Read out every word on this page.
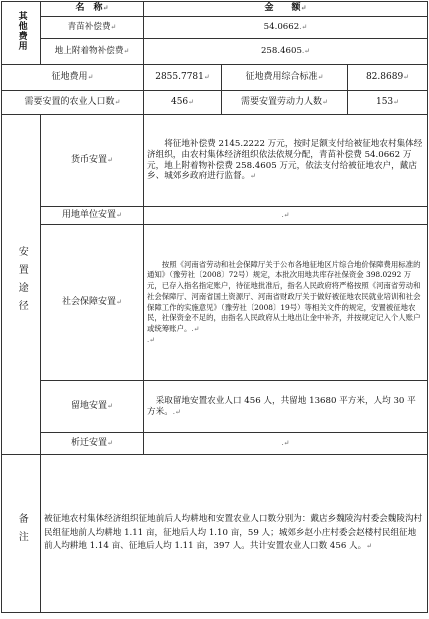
其他费用	名　称↵	金　　额↵		
	青苗补偿费↵	54.0662.↵		
	地上附着物补偿费↵	258.4605.↵		
征地费用↵		2855.7781↵	征地费用综合标准↵	82.8689↵
需要安置的农业人口数↵		456↵	需要安置劳动力人数↵	153↵
安置途径	货币安置↵	将征地补偿费 2145.2222 万元，按时足额支付给被征地农村集体经济组织，由农村集体经济组织依法依规分配，青苗补偿费 54.0662 万元，地上附着物补偿费 258.4605 万元，依法支付给被征地农户，戴店乡、城郊乡政府进行监督。↵		
	用地单位安置↵	.↵		
	社会保障安置↵	按照《河南省劳动和社会保障厅关于公布各地征地区片综合地价保障费用标准的通知》（豫劳社〔2008〕72号）规定，本批次用地共库存社保资金 398.0292 万元，已存入指名指定账户，待征地批准后，指名人民政府将严格按照《河南省劳动和社会保障厅、河南省国土资源厅、河南省财政厅关于做好被征地农民就业培训和社会保障工作的实施意见》（豫劳社〔2008〕19号）等相关文件的规定，安置被征地农民，社保资金不足的，由指名人民政府从土地出让金中补齐，并按规定记入个人账户或统筹账户。.↵
.↵		
	留地安置↵	采取留地安置农业人口 456 人，共留地 13680 平方米，人均 30 平方米。.↵		
	析迁安置↵	.↵		
备注	被征地农村集体经济组织征地前后人均耕地和安置农业人口数分别为：戴店乡魏陵沟村委会魏陵沟村民组征地前人均耕地 1.11 亩，征地后人均 1.10 亩，59 人；城郊乡赵小庄村委会赵楼村民组征地前人均耕地 1.14 亩、征地后人均 1.11 亩，397 人。共计安置农业人口数 456 人。↵			
